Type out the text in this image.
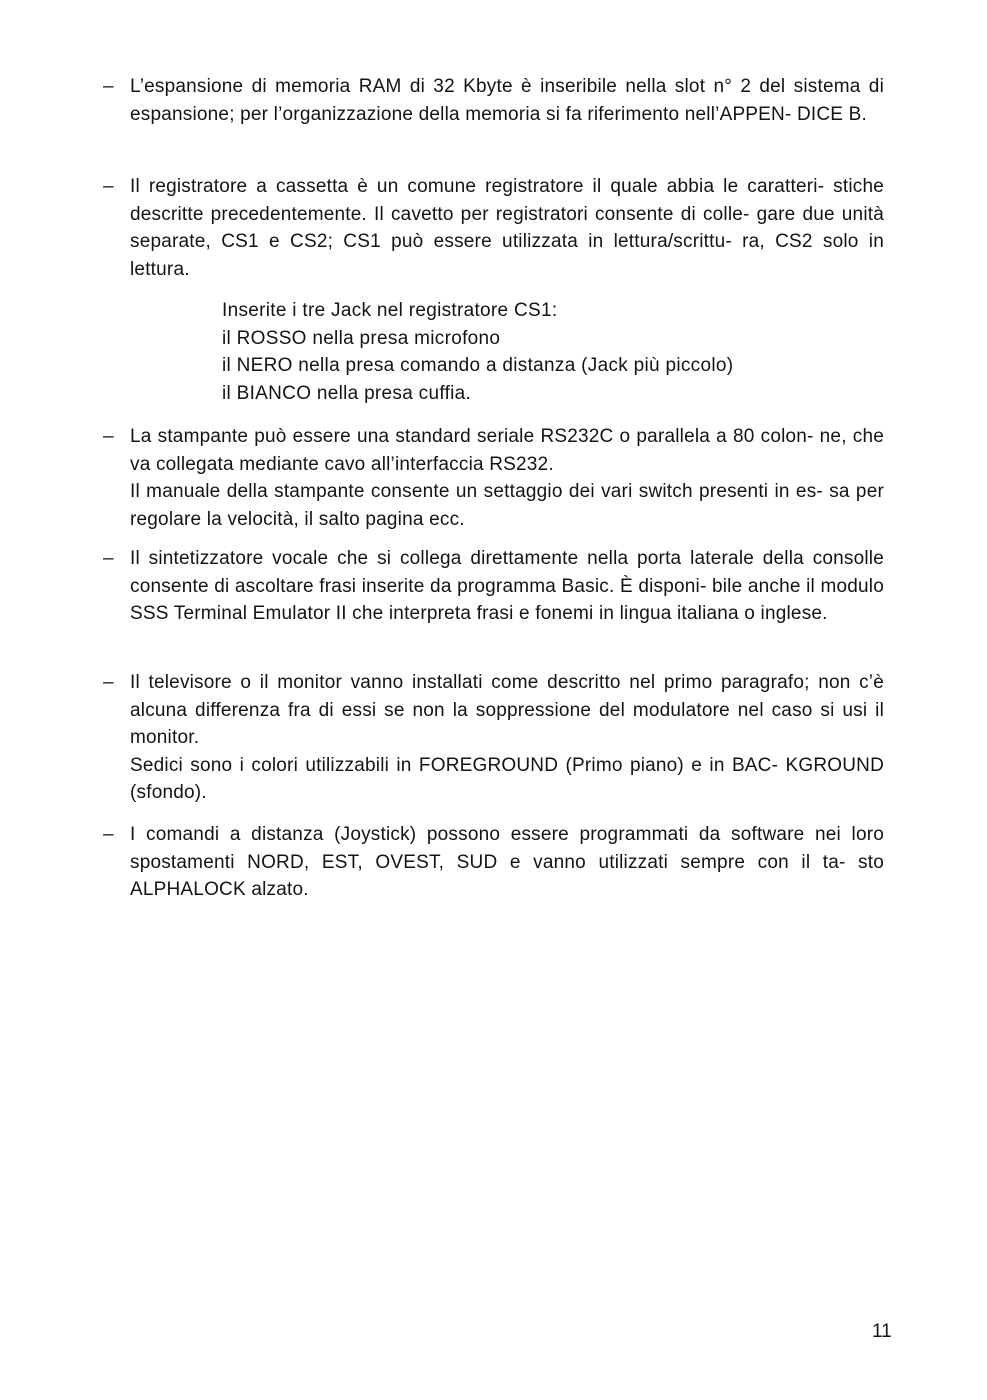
– L’espansione di memoria RAM di 32 Kbyte è inseribile nella slot n° 2 del sistema di espansione; per l’organizzazione della memoria si fa riferimento nell’APPEN- DICE B.

– Il registratore a cassetta è un comune registratore il quale abbia le caratteri- stiche descritte precedentemente. Il cavetto per registratori consente di colle- gare due unità separate, CS1 e CS2; CS1 può essere utilizzata in lettura/scrittu- ra, CS2 solo in lettura.

Inserite i tre Jack nel registratore CS1:
il ROSSO nella presa microfono
il NERO nella presa comando a distanza (Jack più piccolo)
il BIANCO nella presa cuffia.
– La stampante può essere una standard seriale RS232C o parallela a 80 colon- ne, che va collegata mediante cavo all’interfaccia RS232.

Il manuale della stampante consente un settaggio dei vari switch presenti in es- sa per regolare la velocità, il salto pagina ecc.

– Il sintetizzatore vocale che si collega direttamente nella porta laterale della consolle consente di ascoltare frasi inserite da programma Basic. È disponi- bile anche il modulo SSS Terminal Emulator II che interpreta frasi e fonemi in lingua italiana o inglese.

– Il televisore o il monitor vanno installati come descritto nel primo paragrafo; non c’è alcuna differenza fra di essi se non la soppressione del modulatore nel caso si usi il monitor.

Sedici sono i colori utilizzabili in FOREGROUND (Primo piano) e in BAC- KGROUND (sfondo).

– I comandi a distanza (Joystick) possono essere programmati da software nei loro spostamenti NORD, EST, OVEST, SUD e vanno utilizzati sempre con il ta- sto ALPHALOCK alzato.

11
